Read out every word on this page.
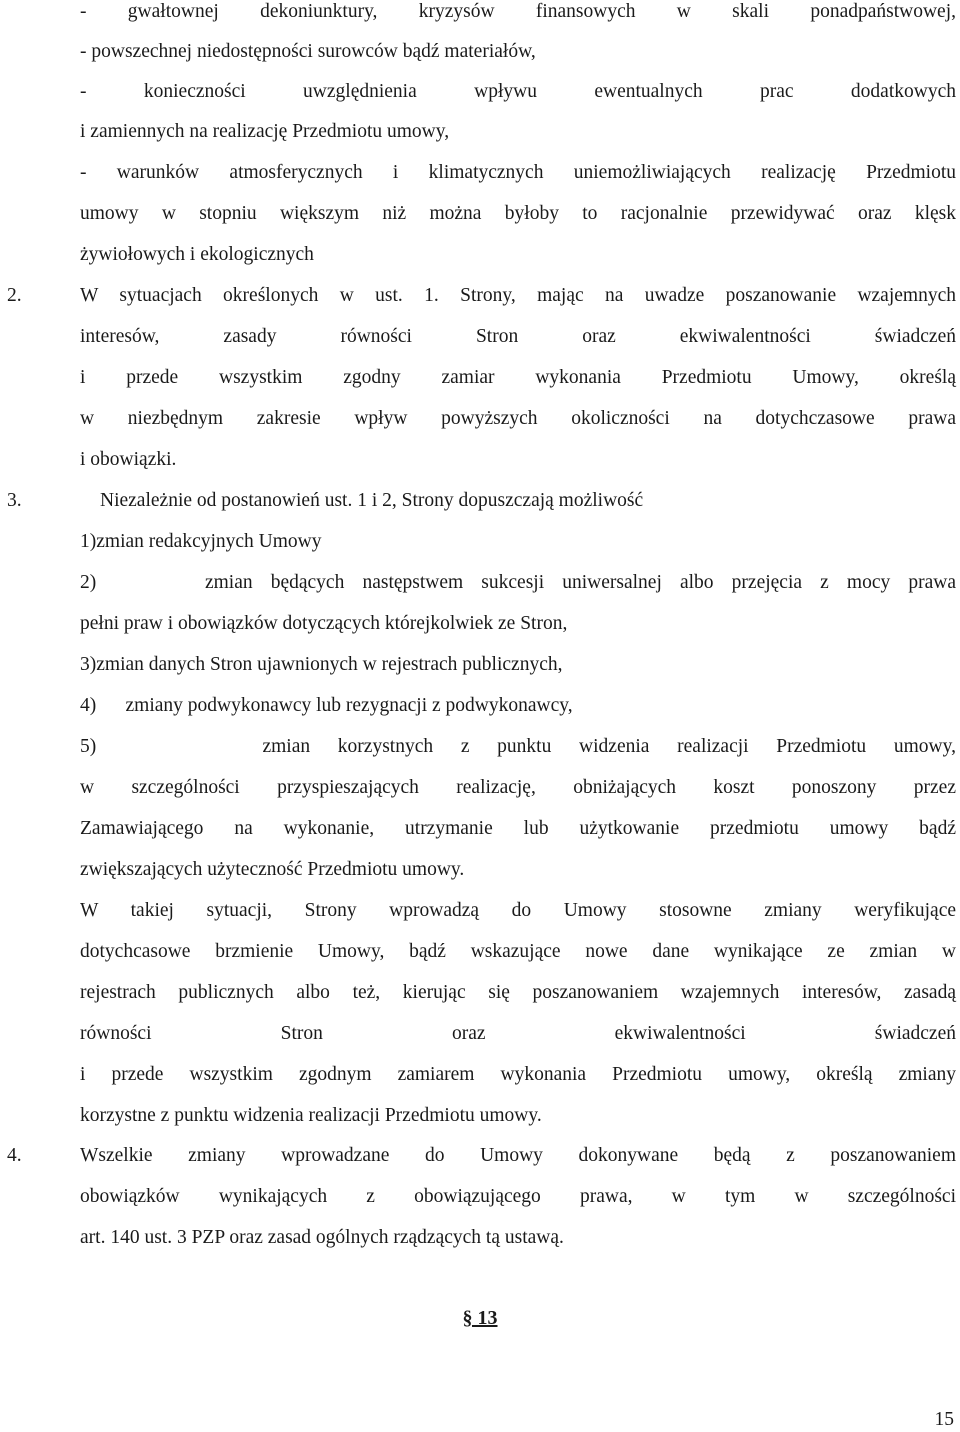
- gwałtownej dekoniunktury, kryzysów finansowych w skali ponadpaństwowej,
- powszechnej niedostępności surowców bądź materiałów,
- konieczności uwzględnienia wpływu ewentualnych prac dodatkowych
i zamiennych na realizację Przedmiotu umowy,
- warunków atmosferycznych i klimatycznych uniemożliwiających realizację Przedmiotu
umowy w stopniu większym niż można byłoby to racjonalnie przewidywać oraz klęsk
żywiołowych i ekologicznych
2.	W sytuacjach określonych w ust. 1. Strony, mając na uwadze poszanowanie wzajemnych
interesów, zasady równości Stron oraz ekwiwalentności świadczeń
i przede wszystkim zgodny zamiar wykonania Przedmiotu Umowy, określą
w niezbędnym zakresie wpływ powyższych okoliczności na dotychczasowe prawa
i obowiązki.
3.	Niezależnie od postanowień ust. 1 i 2, Strony dopuszczają możliwość
1)zmian redakcyjnych Umowy
2)      zmian będących następstwem sukcesji uniwersalnej albo przejęcia z mocy prawa
pełni praw i obowiązków dotyczących którejkolwiek ze Stron,
3)zmian danych Stron ujawnionych w rejestrach publicznych,
4)      zmiany podwykonawcy lub rezygnacji z podwykonawcy,
5)      zmian korzystnych z punktu widzenia realizacji Przedmiotu umowy,
w szczególności przyspieszających realizację, obniżających koszt ponoszony przez
Zamawiającego na wykonanie, utrzymanie lub użytkowanie przedmiotu umowy bądź
zwiększających użyteczność Przedmiotu umowy.
W takiej sytuacji, Strony wprowadzą do Umowy stosowne zmiany weryfikujące
dotychcasowe brzmienie Umowy, bądź wskazujące nowe dane wynikające ze zmian w
rejestrach publicznych albo też, kierując się poszanowaniem wzajemnych interesów, zasadą
równości Stron oraz ekwiwalentności świadczeń
i przede wszystkim zgodnym zamiarem wykonania Przedmiotu umowy, określą zmiany
korzystne z punktu widzenia realizacji Przedmiotu umowy.
4.	Wszelkie zmiany wprowadzane do Umowy dokonywane będą z poszanowaniem
obowiązków wynikających z obowiązującego prawa, w tym w szczególności
art. 140 ust. 3 PZP oraz zasad ogólnych rządzących tą ustawą.
§ 13
15
